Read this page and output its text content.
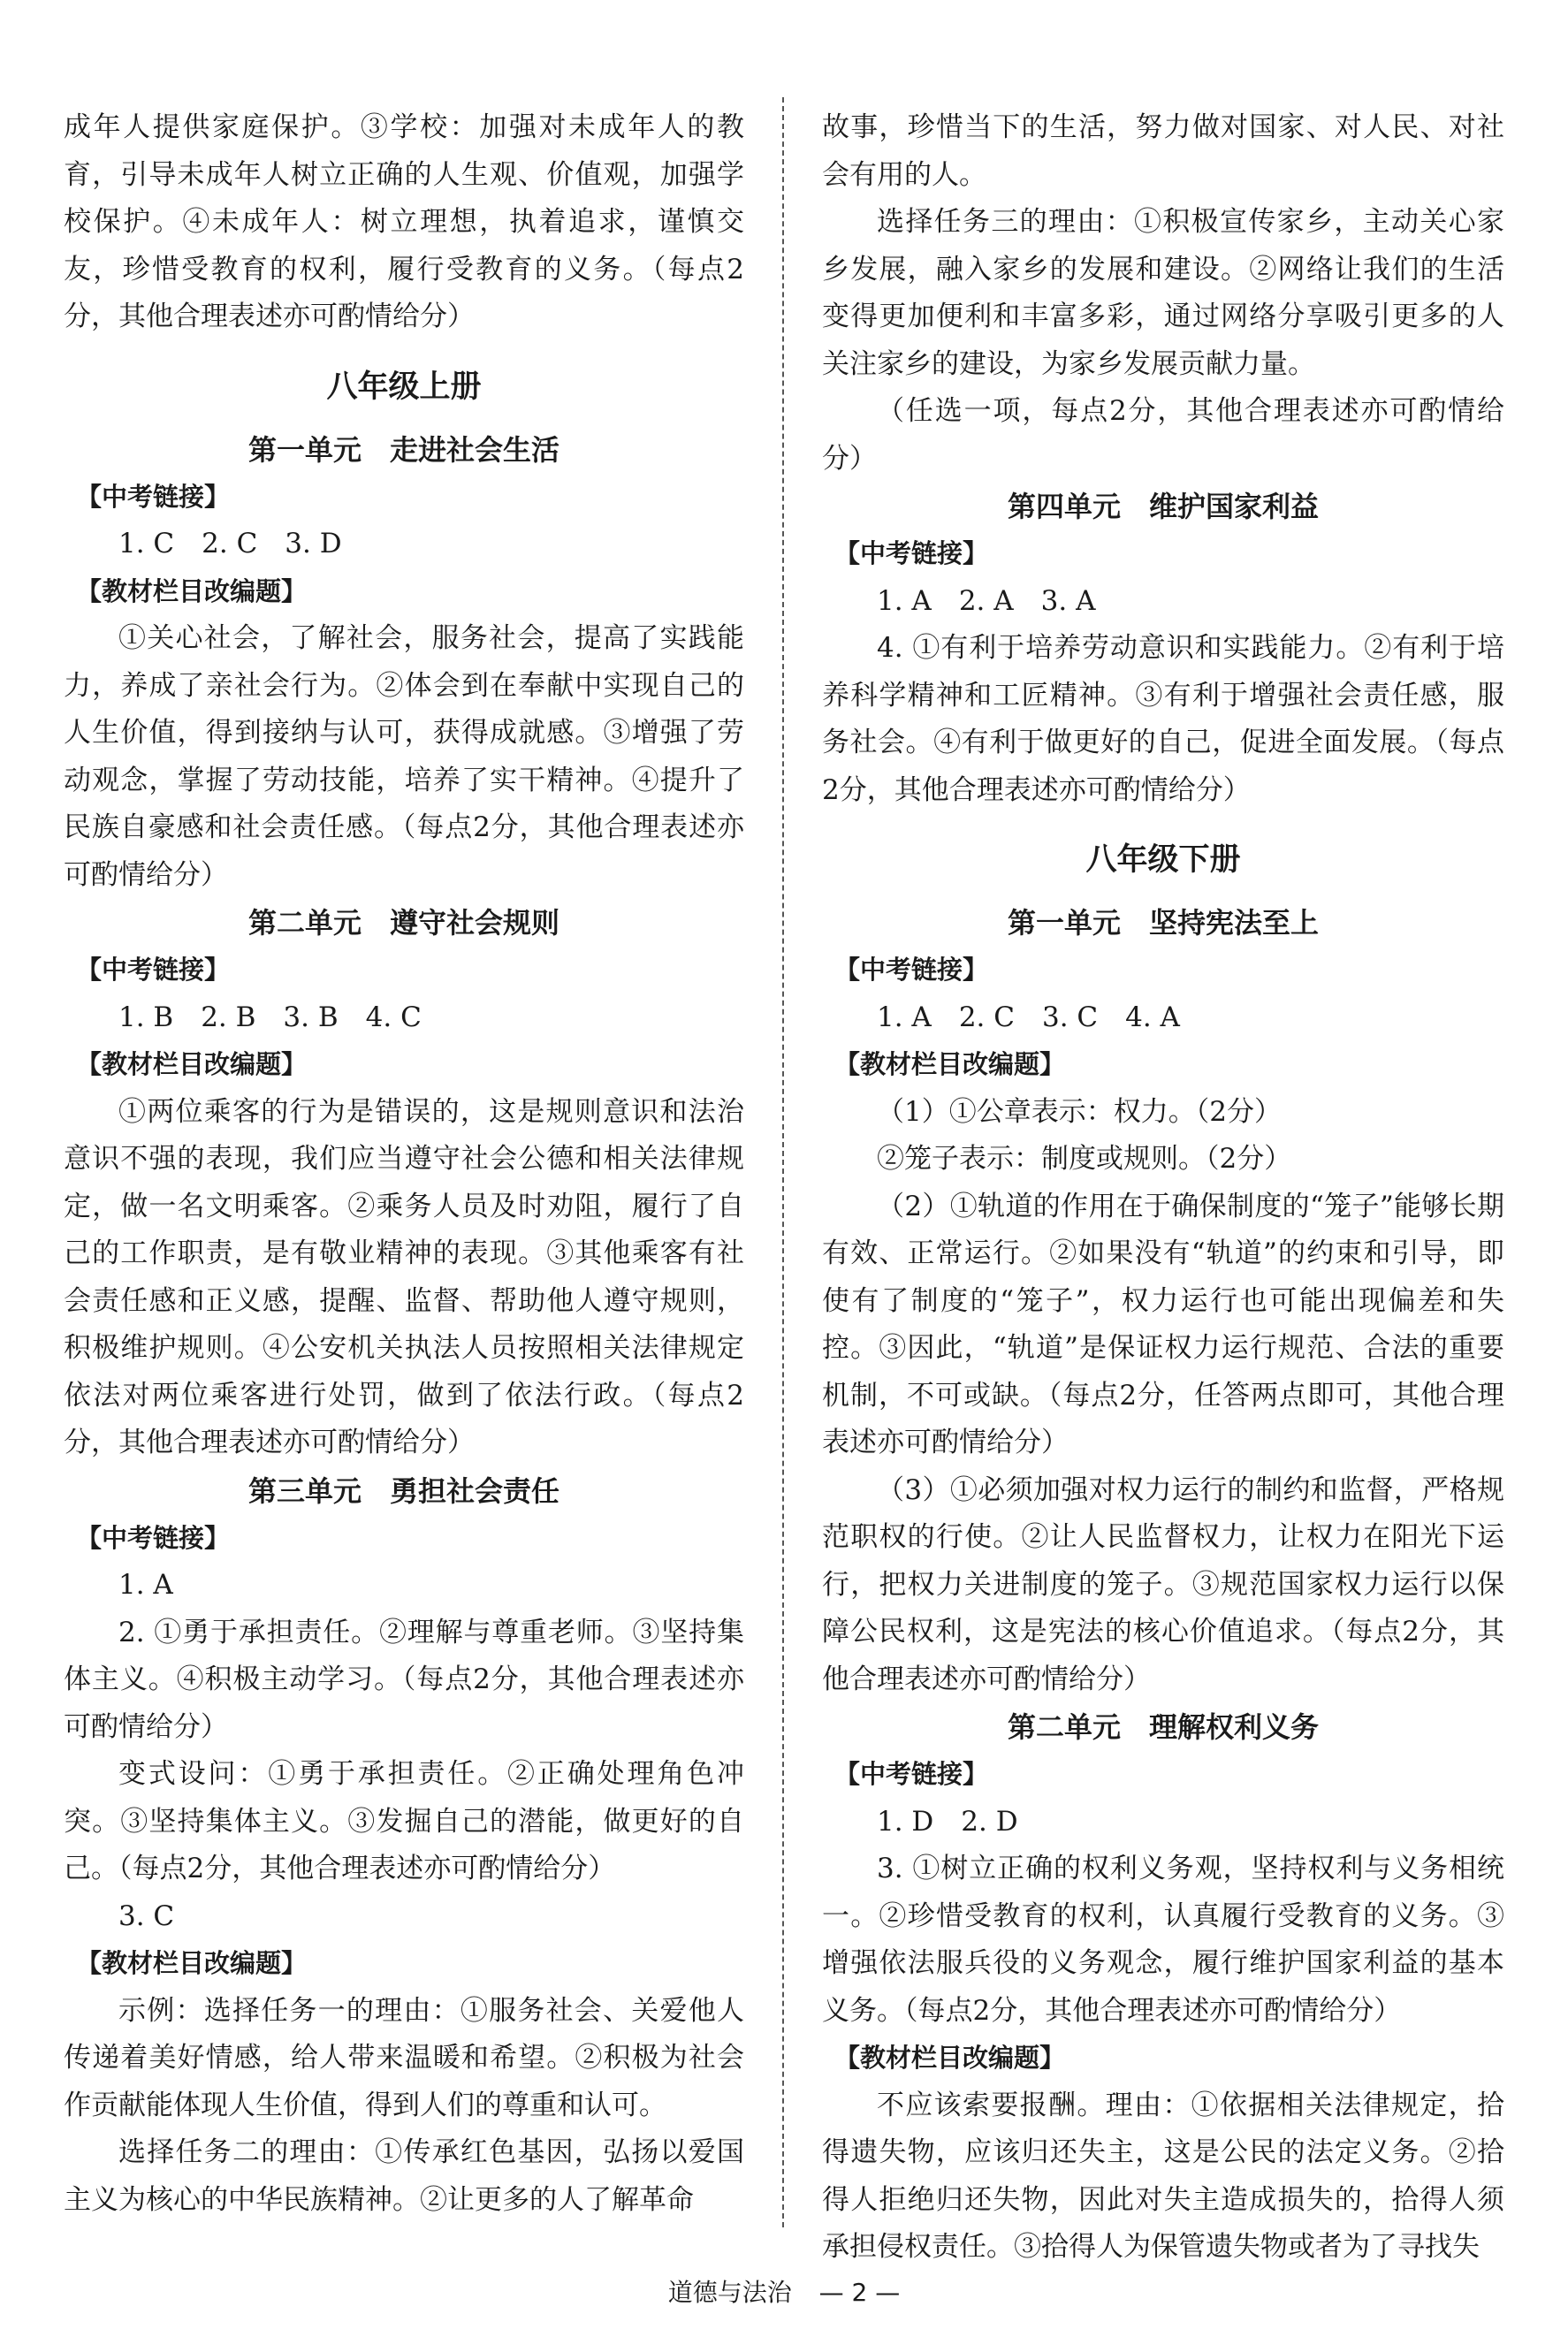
成年人提供家庭保护。③学校：加强对未成年人的教育，引导未成年人树立正确的人生观、价值观，加强学校保护。④未成年人：树立理想，执着追求，谨慎交友，珍惜受教育的权利，履行受教育的义务。（每点2分，其他合理表述亦可酌情给分）

八年级上册
第一单元　走进社会生活

【中考链接】

1. C　2. C　3. D

【教材栏目改编题】

①关心社会，了解社会，服务社会，提高了实践能力，养成了亲社会行为。②体会到在奉献中实现自己的人生价值，得到接纳与认可，获得成就感。③增强了劳动观念，掌握了劳动技能，培养了实干精神。④提升了民族自豪感和社会责任感。（每点2分，其他合理表述亦可酌情给分）

第二单元　遵守社会规则

【中考链接】

1. B　2. B　3. B　4. C

【教材栏目改编题】

①两位乘客的行为是错误的，这是规则意识和法治意识不强的表现，我们应当遵守社会公德和相关法律规定，做一名文明乘客。②乘务人员及时劝阻，履行了自己的工作职责，是有敬业精神的表现。③其他乘客有社会责任感和正义感，提醒、监督、帮助他人遵守规则，积极维护规则。④公安机关执法人员按照相关法律规定依法对两位乘客进行处罚，做到了依法行政。（每点2分，其他合理表述亦可酌情给分）

第三单元　勇担社会责任

【中考链接】

1. A

2. ①勇于承担责任。②理解与尊重老师。③坚持集体主义。④积极主动学习。（每点2分，其他合理表述亦可酌情给分）

变式设问：①勇于承担责任。②正确处理角色冲突。③坚持集体主义。③发掘自己的潜能，做更好的自己。（每点2分，其他合理表述亦可酌情给分）

3. C

【教材栏目改编题】

示例：选择任务一的理由：①服务社会、关爱他人传递着美好情感，给人带来温暖和希望。②积极为社会作贡献能体现人生价值，得到人们的尊重和认可。

选择任务二的理由：①传承红色基因，弘扬以爱国主义为核心的中华民族精神。②让更多的人了解革命

故事，珍惜当下的生活，努力做对国家、对人民、对社会有用的人。

选择任务三的理由：①积极宣传家乡，主动关心家乡发展，融入家乡的发展和建设。②网络让我们的生活变得更加便利和丰富多彩，通过网络分享吸引更多的人关注家乡的建设，为家乡发展贡献力量。

（任选一项，每点2分，其他合理表述亦可酌情给分）

第四单元　维护国家利益

【中考链接】

1. A　2. A　3. A

4. ①有利于培养劳动意识和实践能力。②有利于培养科学精神和工匠精神。③有利于增强社会责任感，服务社会。④有利于做更好的自己，促进全面发展。（每点2分，其他合理表述亦可酌情给分）

八年级下册
第一单元　坚持宪法至上

【中考链接】

1. A　2. C　3. C　4. A

【教材栏目改编题】

（1）①公章表示：权力。（2分）

②笼子表示：制度或规则。（2分）

（2）①轨道的作用在于确保制度的“笼子”能够长期有效、正常运行。②如果没有“轨道”的约束和引导，即使有了制度的“笼子”，权力运行也可能出现偏差和失控。③因此，“轨道”是保证权力运行规范、合法的重要机制，不可或缺。（每点2分，任答两点即可，其他合理表述亦可酌情给分）

（3）①必须加强对权力运行的制约和监督，严格规范职权的行使。②让人民监督权力，让权力在阳光下运行，把权力关进制度的笼子。③规范国家权力运行以保障公民权利，这是宪法的核心价值追求。（每点2分，其他合理表述亦可酌情给分）

第二单元　理解权利义务

【中考链接】

1. D　2. D

3. ①树立正确的权利义务观，坚持权利与义务相统一。②珍惜受教育的权利，认真履行受教育的义务。③增强依法服兵役的义务观念，履行维护国家利益的基本义务。（每点2分，其他合理表述亦可酌情给分）

【教材栏目改编题】

不应该索要报酬。理由：①依据相关法律规定，拾得遗失物，应该归还失主，这是公民的法定义务。②拾得人拒绝归还失物，因此对失主造成损失的，拾得人须承担侵权责任。③拾得人为保管遗失物或者为了寻找失

道德与法治 — 2 —
